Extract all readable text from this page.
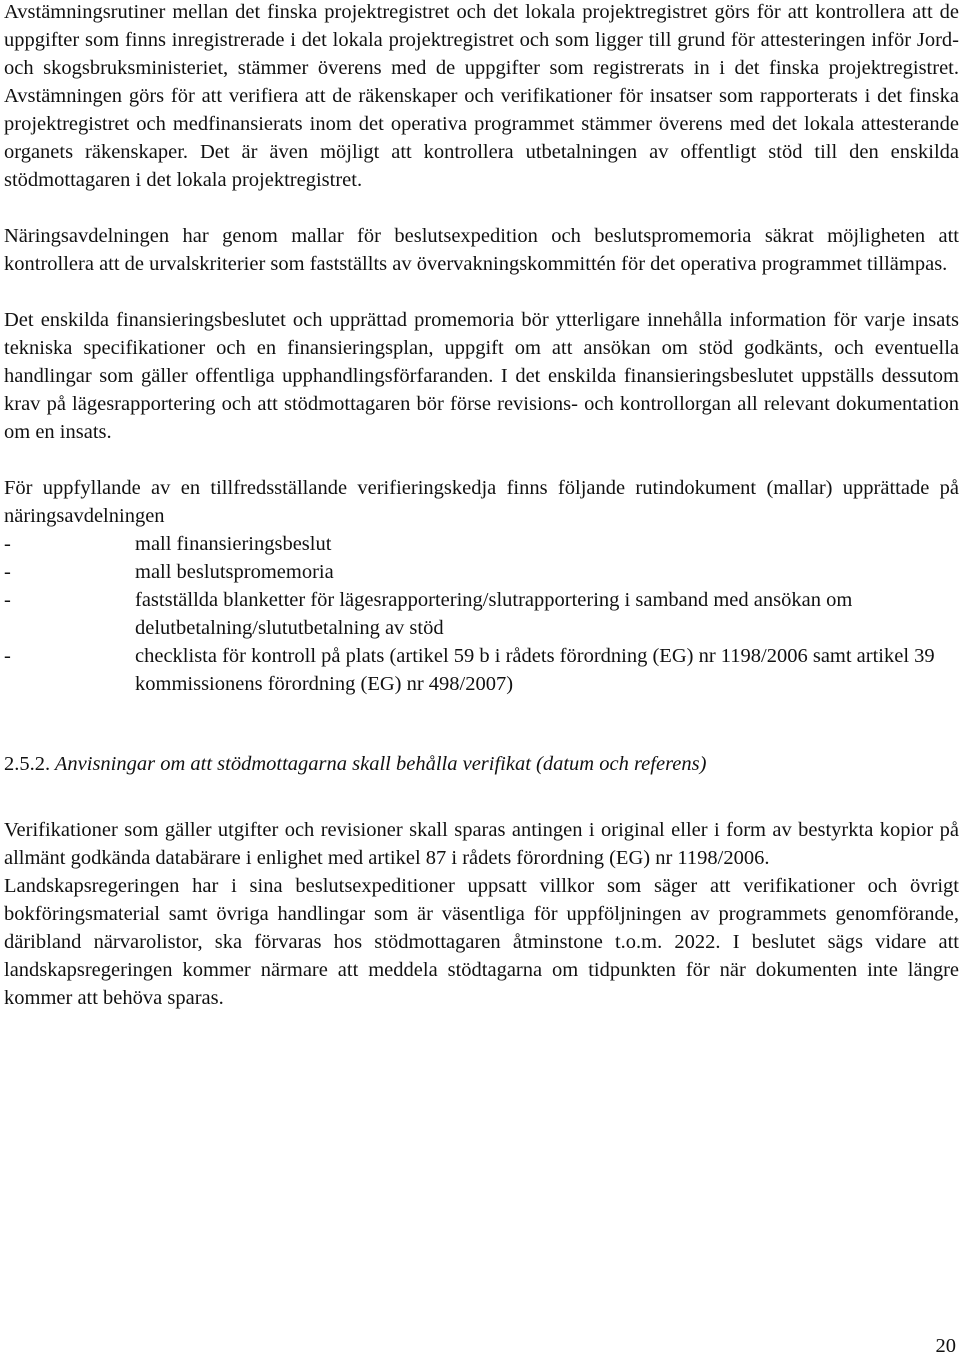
Avstämningsrutiner mellan det finska projektregistret och det lokala projektregistret görs för att kontrollera att de uppgifter som finns inregistrerade i det lokala projektregistret och som ligger till grund för attesteringen inför Jord- och skogsbruksministeriet, stämmer överens med de uppgifter som registrerats in i det finska projektregistret. Avstämningen görs för att verifiera att de räkenskaper och verifikationer för insatser som rapporterats i det finska projektregistret och medfinansierats inom det operativa programmet stämmer överens med det lokala attesterande organets räkenskaper. Det är även möjligt att kontrollera utbetalningen av offentligt stöd till den enskilda stödmottagaren i det lokala projektregistret.

Näringsavdelningen har genom mallar för beslutsexpedition och beslutspromemoria säkrat möjligheten att kontrollera att de urvalskriterier som fastställts av övervakningskommittén för det operativa programmet tillämpas.

Det enskilda finansieringsbeslutet och upprättad promemoria bör ytterligare innehålla information för varje insats tekniska specifikationer och en finansieringsplan, uppgift om att ansökan om stöd godkänts, och eventuella handlingar som gäller offentliga upphandlingsförfaranden. I det enskilda finansieringsbeslutet uppställs dessutom krav på lägesrapportering och att stödmottagaren bör förse revisions- och kontrollorgan all relevant dokumentation om en insats.

För uppfyllande av en tillfredsställande verifieringskedja finns följande rutindokument (mallar) upprättade på näringsavdelningen

-	mall finansieringsbeslut
-	mall beslutspromemoria
-	fastställda blanketter för lägesrapportering/slutrapportering i samband med ansökan om delutbetalning/slututbetalning av stöd
-	checklista för kontroll på plats (artikel 59 b i rådets förordning (EG) nr 1198/2006 samt artikel 39 kommissionens förordning (EG) nr 498/2007)

2.5.2. Anvisningar om att stödmottagarna skall behålla verifikat (datum och referens)

Verifikationer som gäller utgifter och revisioner skall sparas antingen i original eller i form av bestyrkta kopior på allmänt godkända databärare i enlighet med artikel 87 i rådets förordning (EG) nr 1198/2006.

Landskapsregeringen har i sina beslutsexpeditioner uppsatt villkor som säger att verifikationer och övrigt bokföringsmaterial samt övriga handlingar som är väsentliga för uppföljningen av programmets genomförande, däribland närvarolistor, ska förvaras hos stödmottagaren åtminstone t.o.m. 2022. I beslutet sägs vidare att landskapsregeringen kommer närmare att meddela stödtagarna om tidpunkten för när dokumenten inte längre kommer att behöva sparas.

20
